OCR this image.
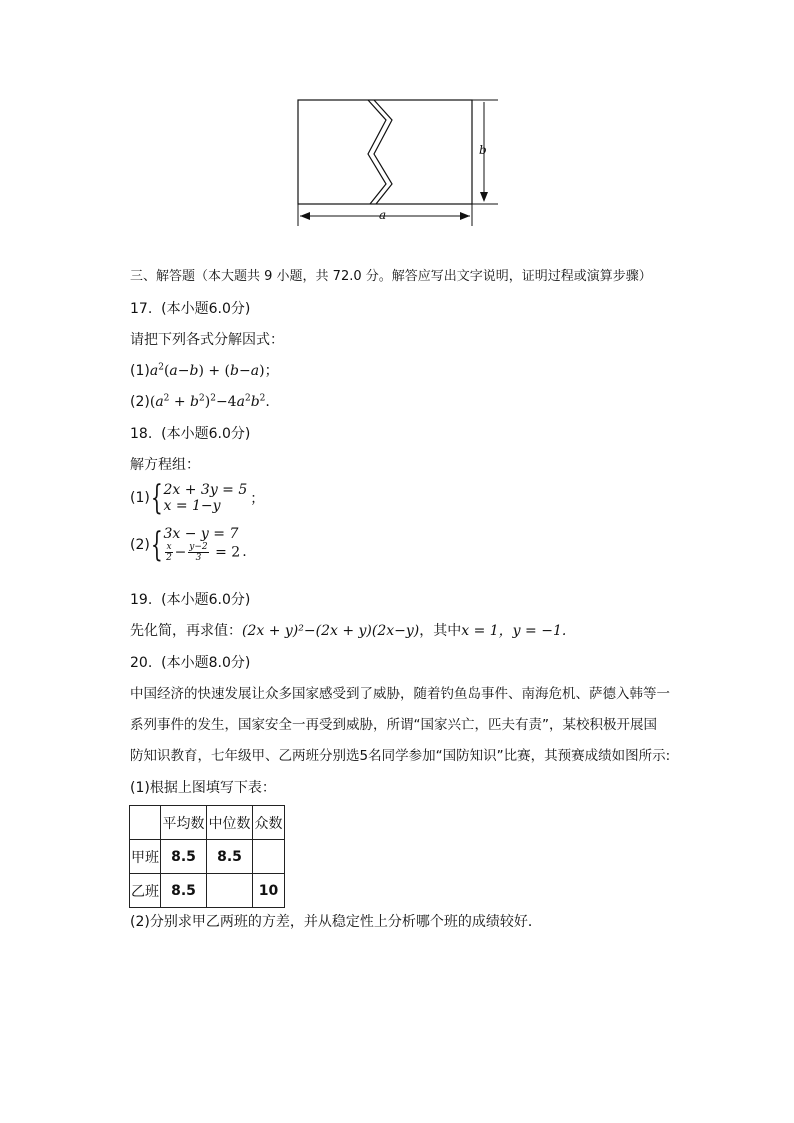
b
a
三、解答题（本大题共 9 小题，共 72.0 分。解答应写出文字说明，证明过程或演算步骤）
17. (本小题6.0分)
请把下列各式分解因式：
$(1)a^2(a-b) + (b-a)$；
$(2)(a^2 + b^2)^2-4a^2b^2$.
18. (本小题6.0分)
解方程组：
(1) { 2x + 3y = 5
x = 1−y	；
(2) { 3x − y = 7
$\frac{x}{2} - \frac{y-2}{3} = 2$ .
19. (本小题6.0分)
先化简，再求值：(2x + y)²−(2x + y)(2x−y)，其中x = 1，y = −1.
20. (本小题8.0分)
中国经济的快速发展让众多国家感受到了威胁，随着钓鱼岛事件、南海危机、萨德入韩等一
系列事件的发生，国家安全一再受到威胁，所谓“国家兴亡，匹夫有责”，某校积极开展国
防知识教育，七年级甲、乙两班分别选5名同学参加“国防知识”比赛，其预赛成绩如图所示:
(1)根据上图填写下表：
	平均数	中位数	众数
甲班	8.5	8.5	
乙班	8.5		10
(2)分别求甲乙两班的方差，并从稳定性上分析哪个班的成绩较好．
